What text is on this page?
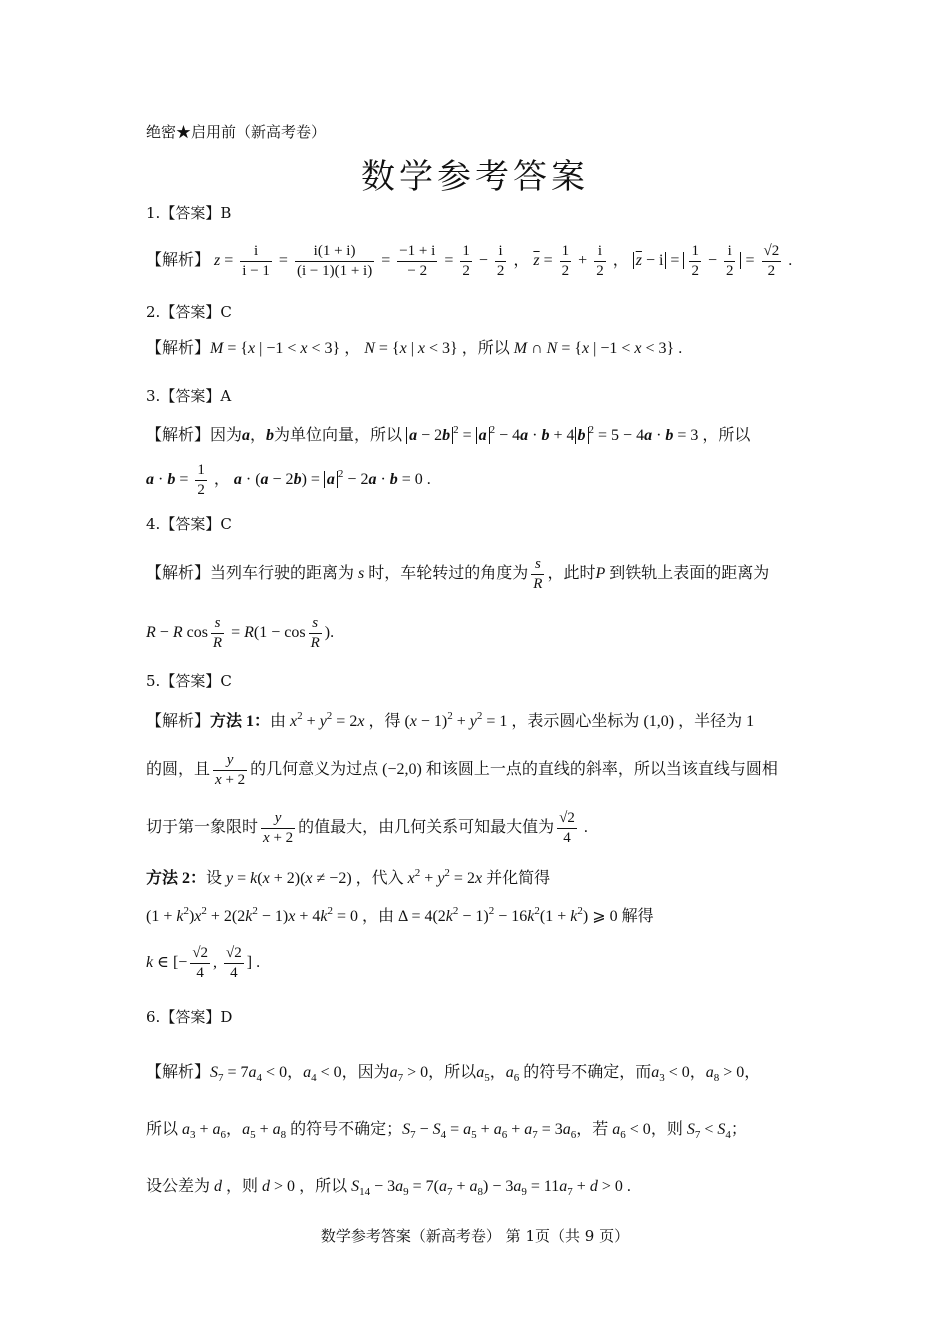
绝密★启用前（新高考卷）
数学参考答案
1.【答案】B
【解析】 $z = \frac{i}{i - 1} = \frac{i(1 + i)}{(i - 1)(1 + i)} = \frac{-1 + i}{- 2} = \frac{1}{2} - \frac{i}{2}$ ， $\overline{z} = \frac{1}{2} + \frac{i}{2}$ ， $\overline{z} - i = \frac{1}{2} - \frac{i}{2} = \frac{√2}{2}$ .
2.【答案】C
【解析】M = {x | −1 < x < 3} ， N = {x | x < 3} ，所以 M ∩ N = {x | −1 < x < 3} .
3.【答案】A
【解析】因为a，b为单位向量，所以 a − 2b $^2$ = a $^2$ − 4a · b + 4 b $^2$ = 5 − 4a · b = 3 ，所以
$a \cdot b = \frac{1}{2}$ ， a · (a − 2b) = a $^2$ − 2a · b = 0 .
4.【答案】C
【解析】当列车行驶的距离为 s 时，车轮转过的角度为 $\frac{s}{R}$ ，此时P 到铁轨上表面的距离为
R − R $\cos \frac{s}{R} = R(1 - \cos \frac{s}{R}$ ).
5.【答案】C
【解析】方法 1：由 $x^2 + y^2 = 2x$ ，得 $(x - 1)^2 + y^2 = 1$ ，表示圆心坐标为 (1,0) ，半径为 1
的圆，且 $\frac{y}{x + 2}$ 的几何意义为过点 (−2,0) 和该圆上一点的直线的斜率，所以当该直线与圆相
切于第一象限时 $\frac{y}{x + 2}$ 的值最大，由几何关系可知最大值为 $\frac{√2}{4}$ .
方法 2：设 y = k(x + 2)(x ≠ −2) ，代入 $x^2 + y^2 = 2x$ 并化简得
$(1 + k^2)x^2 + 2(2k^2 - 1)x + 4k^2 = 0$ ，由 $\Delta = 4(2k^2 - 1)^2 - 16k^2(1 + k^2)$ ⩾ 0 解得
k ∈ [− $\frac{√2}{4}$ , $\frac{√2}{4}$ ] .
6.【答案】D
【解析】$S_7 = 7a_4 < 0$，$a_4 < 0$，因为$a_7 > 0$，所以$a_5$，$a_6$ 的符号不确定，而$a_3 < 0$，$a_8 > 0$，
所以 $a_3 + a_6$，$a_5 + a_8$ 的符号不确定；$S_7 - S_4 = a_5 + a_6 + a_7 = 3a_6$，若 $a_6 < 0$，则 $S_7 < S_4$；
设公差为 d ，则 d > 0 ，所以 $S_{14} - 3a_9 = 7(a_7 + a_8) - 3a_9 = 11a_7 + d > 0$ .
数学参考答案（新高考卷） 第 1页（共 9 页）
